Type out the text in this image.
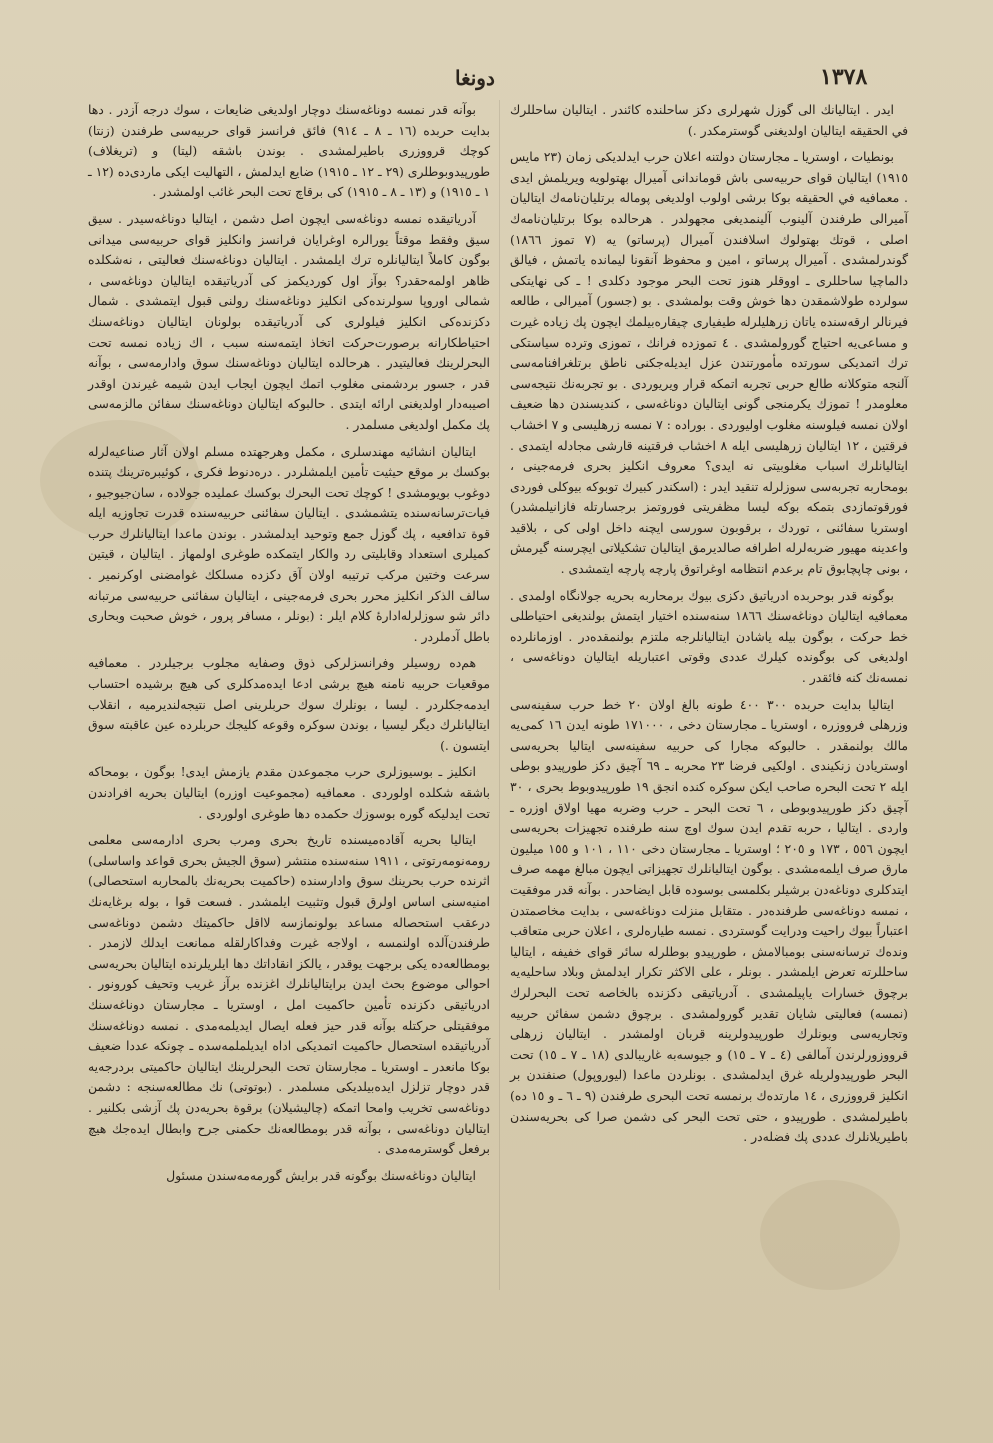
١٣٧٨
دونغا

ایدر . ایتالیانك الی گوزل شهرلری دکز ساحلنده کائندر . ایتالیان ساحللرك في الحقيقه ایتالیان اولدیغنی گوسترمکدر .)

بونطیات ، اوستریا ـ مجارستان دولتنه اعلان حرب ایدلدیکی زمان (٢٣ مایس ١٩١٥) ایتالیان قوای حربیه‌سی باش قوماندانی آمیرال بهتولویه ویریلمش ایدی . معمافیه في الحقيقه بوکا برشی اولوب اولدیغی پوماله برتلیان‌نامه‌ك ایتالیان آمیرالی طرفندن آلینوب آلینمدیغی مجهولدر . هرحالده بوکا برتلیان‌نامه‌ك اصلی ، قوتك بهتولوك اسلافندن آمیرال (پرساتو) یه (٧ تموز ١٨٦٦) گوندرلمشدی . آمیرال پرساتو ، امین و محفوظ آنقونا لیمانده یاتمش ، فیالق دالماچیا ساحللری ـ اووقلر هنوز تحت البحر موجود دکلدی ! ـ کی نهایتکی سولرده طولاشمقدن دها خوش وقت بولمشدی . بو (جسور) آمیرالی ، طالعه فیرنالر ارقه‌سنده یاتان زرهلیلرله طیفیاری چیقاره‌بیلمك ایچون پك زیاده غیرت و مساعی‌یه احتیاج گورولمشدی . ٤ تموزده فرانك ، تموزی وترده سیاستکی ترك اتمدیکی سورتده مأمورتندن عزل ایدیله‌جکنی ناطق برتلغرافنامه‌سی آلنجه متوکلانه طالع حربی تجربه اتمکه قرار ویریوردی . بو تجربه‌نك نتیجه‌سی معلومدر ! تموزك یکرمنجی گونی ایتالیان دوناغه‌سی ، کندیسندن دها ضعیف اولان نمسه فیلوسنه مغلوب اولیوردی . بوراده : ٧ نمسه زرهلیسی و ٧ اخشاب فرقتین ، ١٢ ایتالیان زرهلیسی ایله ٨ اخشاب فرقتینه قارشی مجادله ایتمدی . ایتالیانلرك اسباب مغلوبیتی نه ایدی؟ معروف انکلیز بحری فرمه‌جینی ، بومحاربه تجربه‌سی سوزلرله تنقید ایدر : (اسکندر کبیرك توبوکه بیوکلی فوردی فورقوتمازدی بتمکه بوکه لیسا مظفریتی فوروتمز برجسارتله فازانیلمشدر) اوستریا سفائنی ، توردك ، برقوبون سورسی ایچنه داخل اولی کی ، بلاقید واعدینه مهیور ضربه‌لرله اطرافه صالدیرمق ایتالیان تشکیلاتی ایچرسنه گیرمش ، بونی چاپچابوق تام برعدم انتظامه اوغراتوق پارچه پارچه ایتمشدی .

بوگونه قدر بوحربده ادریاتیق دکزی بیوك برمحاربه بحریه جولانگاه اولمدی . معمافیه ایتالیان دوناغه‌سنك ١٨٦٦ سنه‌سنده اختیار ایتمش بولندیغی احتیاطلی خط حرکت ، بوگون بیله یاشادن ایتالیانلرجه ملتزم بولنمقده‌در . اوزمانلرده اولدیغی کی بوگونده کیلرك عددی وقوتی اعتباریله ایتالیان دوناغه‌سی ، نمسه‌نك کنه فائقدر .

ایتالیا بدایت حربده ٣٠٠ ٤٠٠ طونه بالغ اولان ٢٠ خط حرب سفینه‌سی وزرهلی فرووزره ، اوستریا ـ مجارستان دخی ، ١٧١٠٠٠ طونه ایدن ١٦ کمی‌یه مالك بولنمقدر . حالبوکه مجارا کی حربیه سفینه‌سی ایتالیا بحریه‌سی اوستریادن زنکیندی . اولکیی فرضا ٢٣ محربه ـ ٦٩ آچیق دکز طورپیدو بوطی ایله ٢ تحت البحره صاحب ایکن سوکره کنده انجق ١٩ طورپیدوبوط بحری ، ٣٠ آچیق دکز طورپیدوبوطی ، ٦ تحت البحر ـ حرب وضربه مهیا اولاق اوزره ـ واردی . ایتالیا ، حربه تقدم ایدن سوك اوچ سنه طرفنده تجهیزات بحریه‌سی ایچون ٥٥٦ ، ١٧٣ و ٢٠٥ ؛ اوستریا ـ مجارستان دخی ١١٠ ، ١٠١ و ١٥٥ میلیون مارق صرف ایلمه‌مشدی . بوگون ایتالیانلرك تجهیزاتی ایچون مبالغ مهمه صرف ایتدکلری دوناغه‌دن برشیلر بکلمسی بوسوده قابل ایضاحدر . بوآنه قدر موفقیت ، نمسه دوناغه‌سی طرفنده‌در . متقابل منزلت دوناغه‌سی ، بدایت مخاصمتدن اعتباراً بیوك راحیت ودرایت گوستردی . نمسه طیاره‌لری ، اعلان حربی متعاقب ونده‌ك ترسانه‌سنی بومبالامش ، طورپیدو بوطلرله سائر قوای خفیفه ، ایتالیا ساحللرته تعرض ایلمشدر . بونلر ، علی الاکثر تکرار ایدلمش وبلاد ساحلیه‌یه برچوق خسارات یاپیلمشدی . آدریاتیقی دکزنده بالخاصه تحت البحرلرك (نمسه) فعالیتی شایان تقدیر گورولمشدی . برچوق دشمن سفائن حربیه وتجاریه‌سی وبونلرك طورپیدولرینه قربان اولمشدر . ایتالیان زرهلی قرووزورلرندن آمالفی (٤ ـ ٧ ـ ١٥) و جیوسه‌به غاریبالدی (١٨ ـ ٧ ـ ١٥) تحت البحر طورپیدولریله غرق ایدلمشدی . بونلردن ماعدا (لیوروپول) صنفندن بر انکلیز قرووزری ، ١٤ مارتده‌ك برنمسه تحت البحری طرفندن (٩ ـ ٦ ـ و ١٥ ده) باطیرلمشدی . طورپیدو ، حتی تحت البحر کی دشمن صرا کی بحریه‌سندن باطیریلانلرك عددی پك فضله‌در .

بوآنه قدر نمسه دوناغه‌سنك دوچار اولدیغی ضایعات ، سوك درجه آزدر . دها بدایت حربده (١٦ ـ ٨ ـ ٩١٤) فائق فرانسز قوای حربیه‌سی طرفندن (زنتا) کوچك قرووزری باطیرلمشدی . بوندن باشقه (لیتا) و (تریغلاف) طورپیدوبوطلری (٢٩ ـ ١٢ ـ ١٩١٥) ضایع ایدلمش ، التهالیت ایکی ماردی‌ده (١٢ ـ ١ ـ ١٩١٥) و (١٣ ـ ٨ ـ ١٩١٥) کی برقاچ تحت البحر غائب اولمشدر .

آدریاتیقده نمسه دوناغه‌سی ایچون اصل دشمن ، ایتالیا دوناغه‌سیدر . سیق سیق وفقط موقتاً یورالره اوغرایان فرانسز وانکلیز قوای حربیه‌سی میدانی بوگون کاملاً ایتالیانلره ترك ایلمشدر . ایتالیان دوناغه‌سنك فعالیتی ، نه‌شکلده ظاهر اولمه‌حقدر؟ بوآز اول کوردیکمز کی آدریاتیقده ایتالیان دوناغه‌سی ، شمالی اوروپا سولرنده‌کی انکلیز دوناغه‌سنك رولنی قبول ایتمشدی . شمال دکزنده‌کی انکلیز فیلولری کی آدریاتیقده بولونان ایتالیان دوناغه‌سنك احتیاطکارانه برصورت‌حرکت اتخاذ ایتمه‌سنه سبب ، اك زیاده نمسه تحت البحرلرینك فعالیتیدر . هرحالده ایتالیان دوناغه‌سنك سوق وادارمه‌سی ، بوآنه قدر ، جسور بردشمنی مغلوب اتمك ایچون ایجاب ایدن شیمه غیرندن اوقدر اصیبه‌دار اولدیغنی ارائه ایتدی . حالبوکه ایتالیان دوناغه‌سنك سفائن مالزمه‌سی پك مکمل اولدیغی مسلمدر .

ایتالیان انشائیه مهندسلری ، مکمل وهرجهتده مسلم اولان آثار صناعیه‌لرله بوکسك بر موقع حیثیت تأمین ایلمشلردر . دره‌دنوط فکری ، کوئیبره‌ترینك پتنده دوغوب بویومشدی ! کوچك تحت البحرك بوکسك عملیده جولاده ، سان‌جیوجیو ، فیات‌ترسانه‌سنده یتشمشدی . ایتالیان سفائنی حربیه‌سنده قدرت تجاوزیه ایله قوة تدافعیه ، پك گوزل جمع وتوحید ایدلمشدر . بوندن ماعدا ایتالیانلرك حرب کمیلری استعداد وقابلیتی رد والکار ایتمکده طوغری اولمهاز . ایتالیان ، قیتین سرعت وختین مرکب ترتیبه اولان آق دکزده مسلکك غوامضنی اوکرنمیر . سالف الذکر انکلیز محرر بحری فرمه‌جینی ، ایتالیان سفائنی حربیه‌سی مرتبانه دائر شو سوزلرله‌ادارهٔ کلام ایلر : (بونلر ، مسافر پرور ، خوش صحبت وبحاری باطل آدملردر .

هم‌ده روسیلر وفرانسزلرکی ذوق وصفایه مجلوب برجیلردر . معمافیه موقعیات حربیه نامنه هیچ برشی ادعا ایده‌مدکلری کی هیچ برشیده احتساب ایدمه‌جکلردر . لیسا ، بونلرك سوك حربلرینی اصل نتیجه‌لندیرمیه ، انقلاب ایتالیانلرك دیگر لیسیا ، بوندن سوکره وقوعه کلیجك حربلرده عین عاقبته سوق ایتسون .)

انکلیز ـ بوسیوزلری حرب مجموعدن مقدم یازمش ایدی! بوگون ، بومحاکه باشقه شکلده اولوردی . معمافیه (مجموعیت اوزره) ایتالیان بحریه افرادندن تحت ایدلیکه گوره بوسوزك حکمده دها طوغری اولوردی .

ایتالیا بحریه آقاده‌میسنده تاریخ بحری ومرب بحری ادارمه‌سی معلمی رومه‌نومه‌رتوتی ، ١٩١١ سنه‌سنده منتشر (سوق الجیش بحری قواعد واساسلی) اثرنده حرب بحرینك سوق وادارسنده (حاکمیت بحریه‌نك بالمحاربه استحصالی) امنیه‌سنی اساس اولرق قبول وتثبیت ایلمشدر . فسعت قوا ، بوله برغایه‌نك درعقب استحصاله مساعد بولونمازسه لااقل حاکمیتك دشمن دوناغه‌سی طرفندن‌آلده اولنمسه ، اولاجه غیرت وفداکارلقله ممانعت ایدلك لازمدر . بومطالعه‌ده یکی برجهت یوقدر ، یالکز انقاداتك دها ایلریلرنده ایتالیان بحریه‌سی احوالی موضوع بحث ایدن برایتالیانلرك اغزنده برآز غریب وتحیف کورونور . ادریاتیقی دکزنده تأمین حاکمیت امل ، اوستریا ـ مجارستان دوناغه‌سنك موفقیتلی حرکتله بوآنه قدر حیز فعله ایصال ایدیلمه‌مدی . نمسه دوناغه‌سنك آدریاتیقده استحصال حاکمیت اتمدیکی اداه ایدیلملمه‌سده ـ چونکه عددا ضعیف بوکا مانعدر ـ اوستریا ـ مجارستان تحت البحرلرینك ایتالیان حاکمیتی بردرجه‌یه قدر دوچار تزلزل ایده‌بیلدیکی مسلمدر . (بوتوتی) نك مطالعه‌سنجه : دشمن دوناغه‌سی تخریب وامحا اتمکه (چالیشیلان) برقوة بحریه‌دن پك آزشی بکلنیر . ایتالیان دوناغه‌سی ، بوآنه قدر بومطالعه‌نك حکمنی جرح وابطال ایده‌جك هیچ برفعل گوسترمه‌مدی .

ایتالیان دوناغه‌سنك بوگونه قدر برایش گورمه‌مه‌سندن مسئول
